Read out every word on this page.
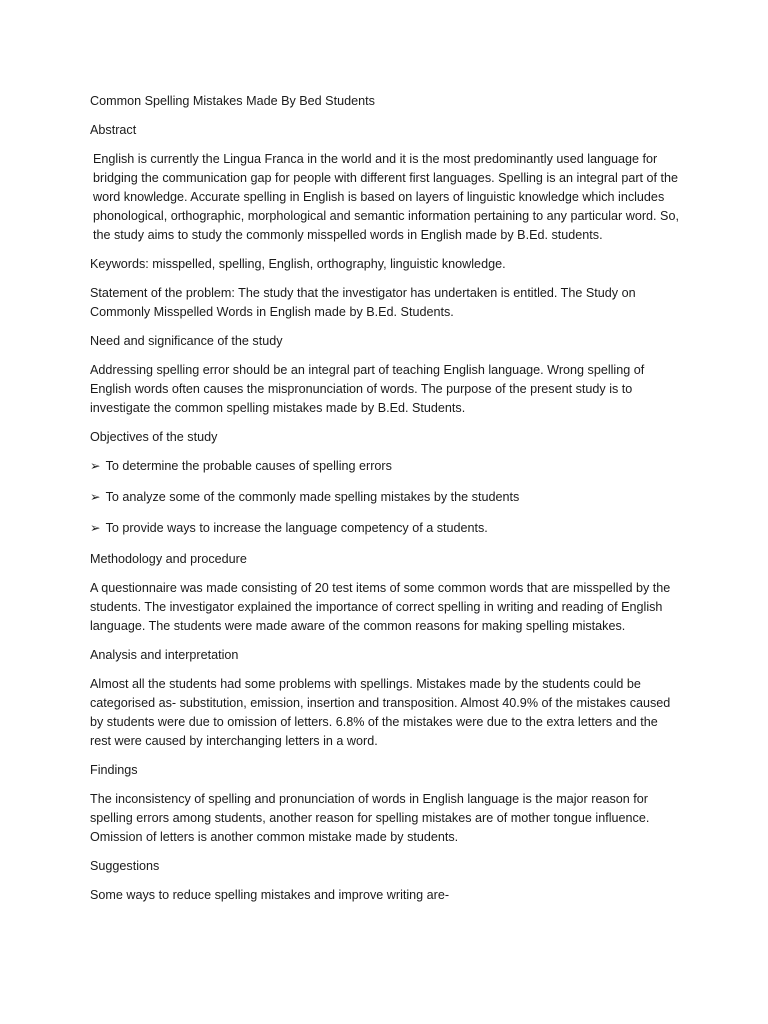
Common Spelling Mistakes Made By Bed Students

Abstract

English is currently the Lingua Franca in the world and it is the most predominantly used language for bridging the communication gap for people with different first languages. Spelling is an integral part of the word knowledge. Accurate spelling in English is based on layers of linguistic knowledge which includes phonological, orthographic, morphological and semantic information pertaining to any particular word. So, the study aims to study the commonly misspelled words in English made by B.Ed. students.

Keywords: misspelled, spelling, English, orthography, linguistic knowledge.

Statement of the problem: The study that the investigator has undertaken is entitled. The Study on Commonly Misspelled Words in English made by B.Ed. Students.

Need and significance of the study

Addressing spelling error should be an integral part of teaching English language. Wrong spelling of English words often causes the mispronunciation of words. The purpose of the present study is to investigate the common spelling mistakes made by B.Ed. Students.

Objectives of the study

➢ To determine the probable causes of spelling errors

➢ To analyze some of the commonly made spelling mistakes by the students

➢ To provide ways to increase the language competency of a students.

Methodology and procedure

A questionnaire was made consisting of 20 test items of some common words that are misspelled by the students. The investigator explained the importance of correct spelling in writing and reading of English language. The students were made aware of the common reasons for making spelling mistakes.

Analysis and interpretation

Almost all the students had some problems with spellings. Mistakes made by the students could be categorised as- substitution, emission, insertion and transposition. Almost 40.9% of the mistakes caused by students were due to omission of letters. 6.8% of the mistakes were due to the extra letters and the rest were caused by interchanging letters in a word.

Findings

The inconsistency of spelling and pronunciation of words in English language is the major reason for spelling errors among students, another reason for spelling mistakes are of mother tongue influence. Omission of letters is another common mistake made by students.

Suggestions

Some ways to reduce spelling mistakes and improve writing are-
